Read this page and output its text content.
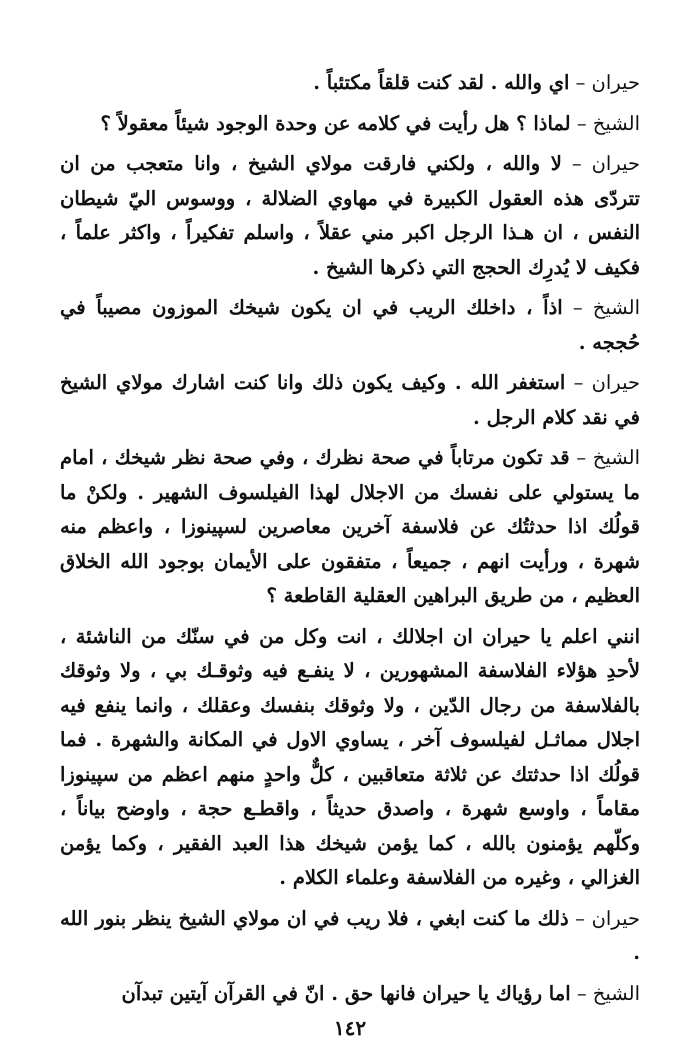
حيران – اي والله . لقد كنت قلقاً مكتئباً .

الشيخ – لماذا ؟ هل رأيت في كلامه عن وحدة الوجود شيئاً معقولاً ؟

حيران – لا والله ، ولكني فارقت مولاي الشيخ ، وانا متعجب من ان تتردّى هذه العقول الكبيرة في مهاوي الضلالة ، ووسوس اليّ شيطان النفس ، ان هـذا الرجل اكبر مني عقلاً ، واسلم تفكيراً ، واكثر علماً ، فكيف لا يُدرِك الحجج التي ذكرها الشيخ .

الشيخ – اذاً ، داخلك الريب في ان يكون شيخك الموزون مصيباً في حُججه .

حيران – استغفر الله . وكيف يكون ذلك وانا كنت اشارك مولاي الشيخ في نقد كلام الرجل .

الشيخ – قد تكون مرتاباً في صحة نظرك ، وفي صحة نظر شيخك ، امام ما يستولي على نفسك من الاجلال لهذا الفيلسوف الشهير . ولكنْ ما قولُك اذا حدثتُك عن فلاسفة آخرين معاصرين لسپينوزا ، واعظم منه شهرة ، ورأيت انهم ، جميعاً ، متفقون على الأيمان بوجود الله الخلاق العظيم ، من طريق البراهين العقلية القاطعة ؟

انني اعلم يا حيران ان اجلالك ، انت وكل من في سنّك من الناشئة ، لأحدِ هؤلاء الفلاسفة المشهورين ، لا ينفـع فيه وثوقـك بي ، ولا وثوقك بالفلاسفة من رجال الدّين ، ولا وثوقك بنفسك وعقلك ، وانما ينفع فيه اجلال مماثـل لفيلسوف آخر ، يساوي الاول في المكانة والشهرة . فما قولُك اذا حدثتك عن ثلاثة متعاقبين ، كلٌّ واحدٍ منهم اعظم من سپينوزا مقاماً ، واوسع شهرة ، واصدق حديثاً ، واقطـع حجة ، واوضح بياناً ، وكلّهم يؤمنون بالله ، كما يؤمن شيخك هذا العبد الفقير ، وكما يؤمن الغزالي ، وغيره من الفلاسفة وعلماء الكلام .

حيران – ذلك ما كنت ابغي ، فلا ريب في ان مولاي الشيخ ينظر بنور الله .

الشيخ – اما رؤياك يا حيران فانها حق . انّ في القرآن آيتين تبدآن

١٤٢
